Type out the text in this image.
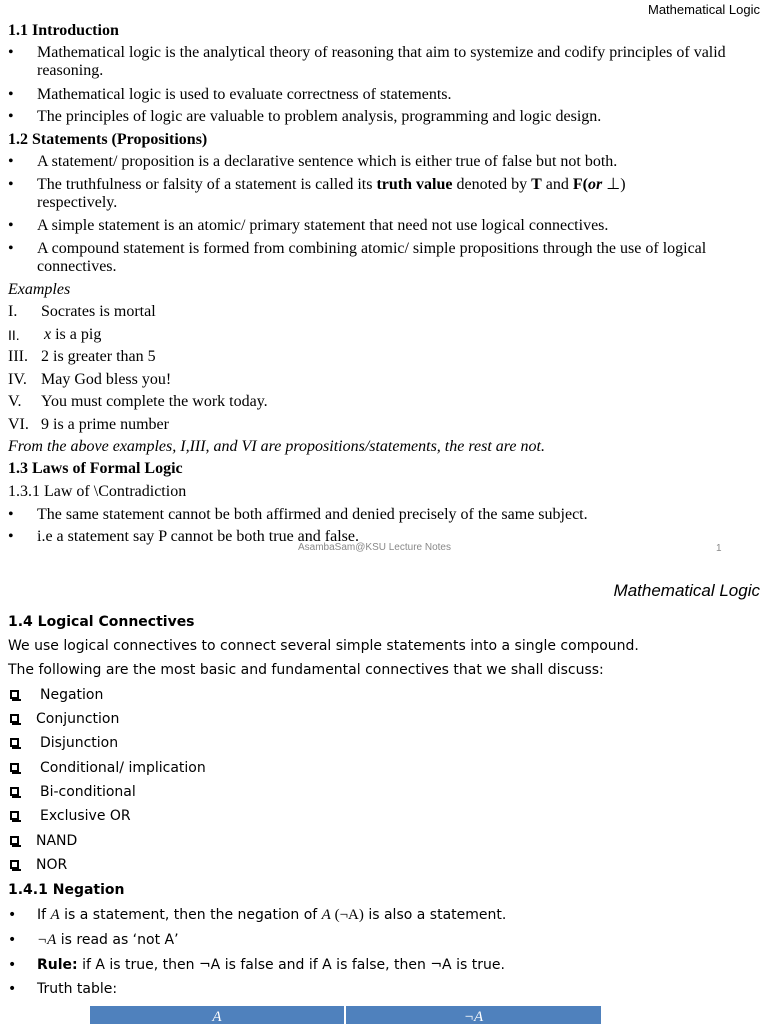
Mathematical Logic
1.1 Introduction
• Mathematical logic is the analytical theory of reasoning that aim to systemize and codify principles of valid reasoning.
• Mathematical logic is used to evaluate correctness of statements.
• The principles of logic are valuable to problem analysis, programming and logic design.
1.2 Statements (Propositions)
• A statement/ proposition is a declarative sentence which is either true of false but not both.
• The truthfulness or falsity of a statement is called its truth value denoted by T and F(or ⊥)
respectively.
• A simple statement is an atomic/ primary statement that need not use logical connectives.
• A compound statement is formed from combining atomic/ simple propositions through the use of logical connectives.
Examples
I. Socrates is mortal
II. x is a pig
III. 2 is greater than 5
IV. May God bless you!
V. You must complete the work today.
VI. 9 is a prime number
From the above examples, I,III, and VI are propositions/statements, the rest are not.
1.3 Laws of Formal Logic
1.3.1 Law of \Contradiction
• The same statement cannot be both affirmed and denied precisely of the same subject.
• i.e a statement say P cannot be both true and false.
AsambaSam@KSU Lecture Notes	1
Mathematical Logic
1.4 Logical Connectives
We use logical connectives to connect several simple statements into a single compound.
The following are the most basic and fundamental connectives that we shall discuss:
Negation
Conjunction
Disjunction
Conditional/ implication
Bi-conditional
Exclusive OR
NAND
NOR
1.4.1 Negation
• If A is a statement, then the negation of A (¬A) is also a statement.
• ¬A is read as ‘not A’
• Rule: if A is true, then ¬A is false and if A is false, then ¬A is true.
• Truth table:
A	¬A
